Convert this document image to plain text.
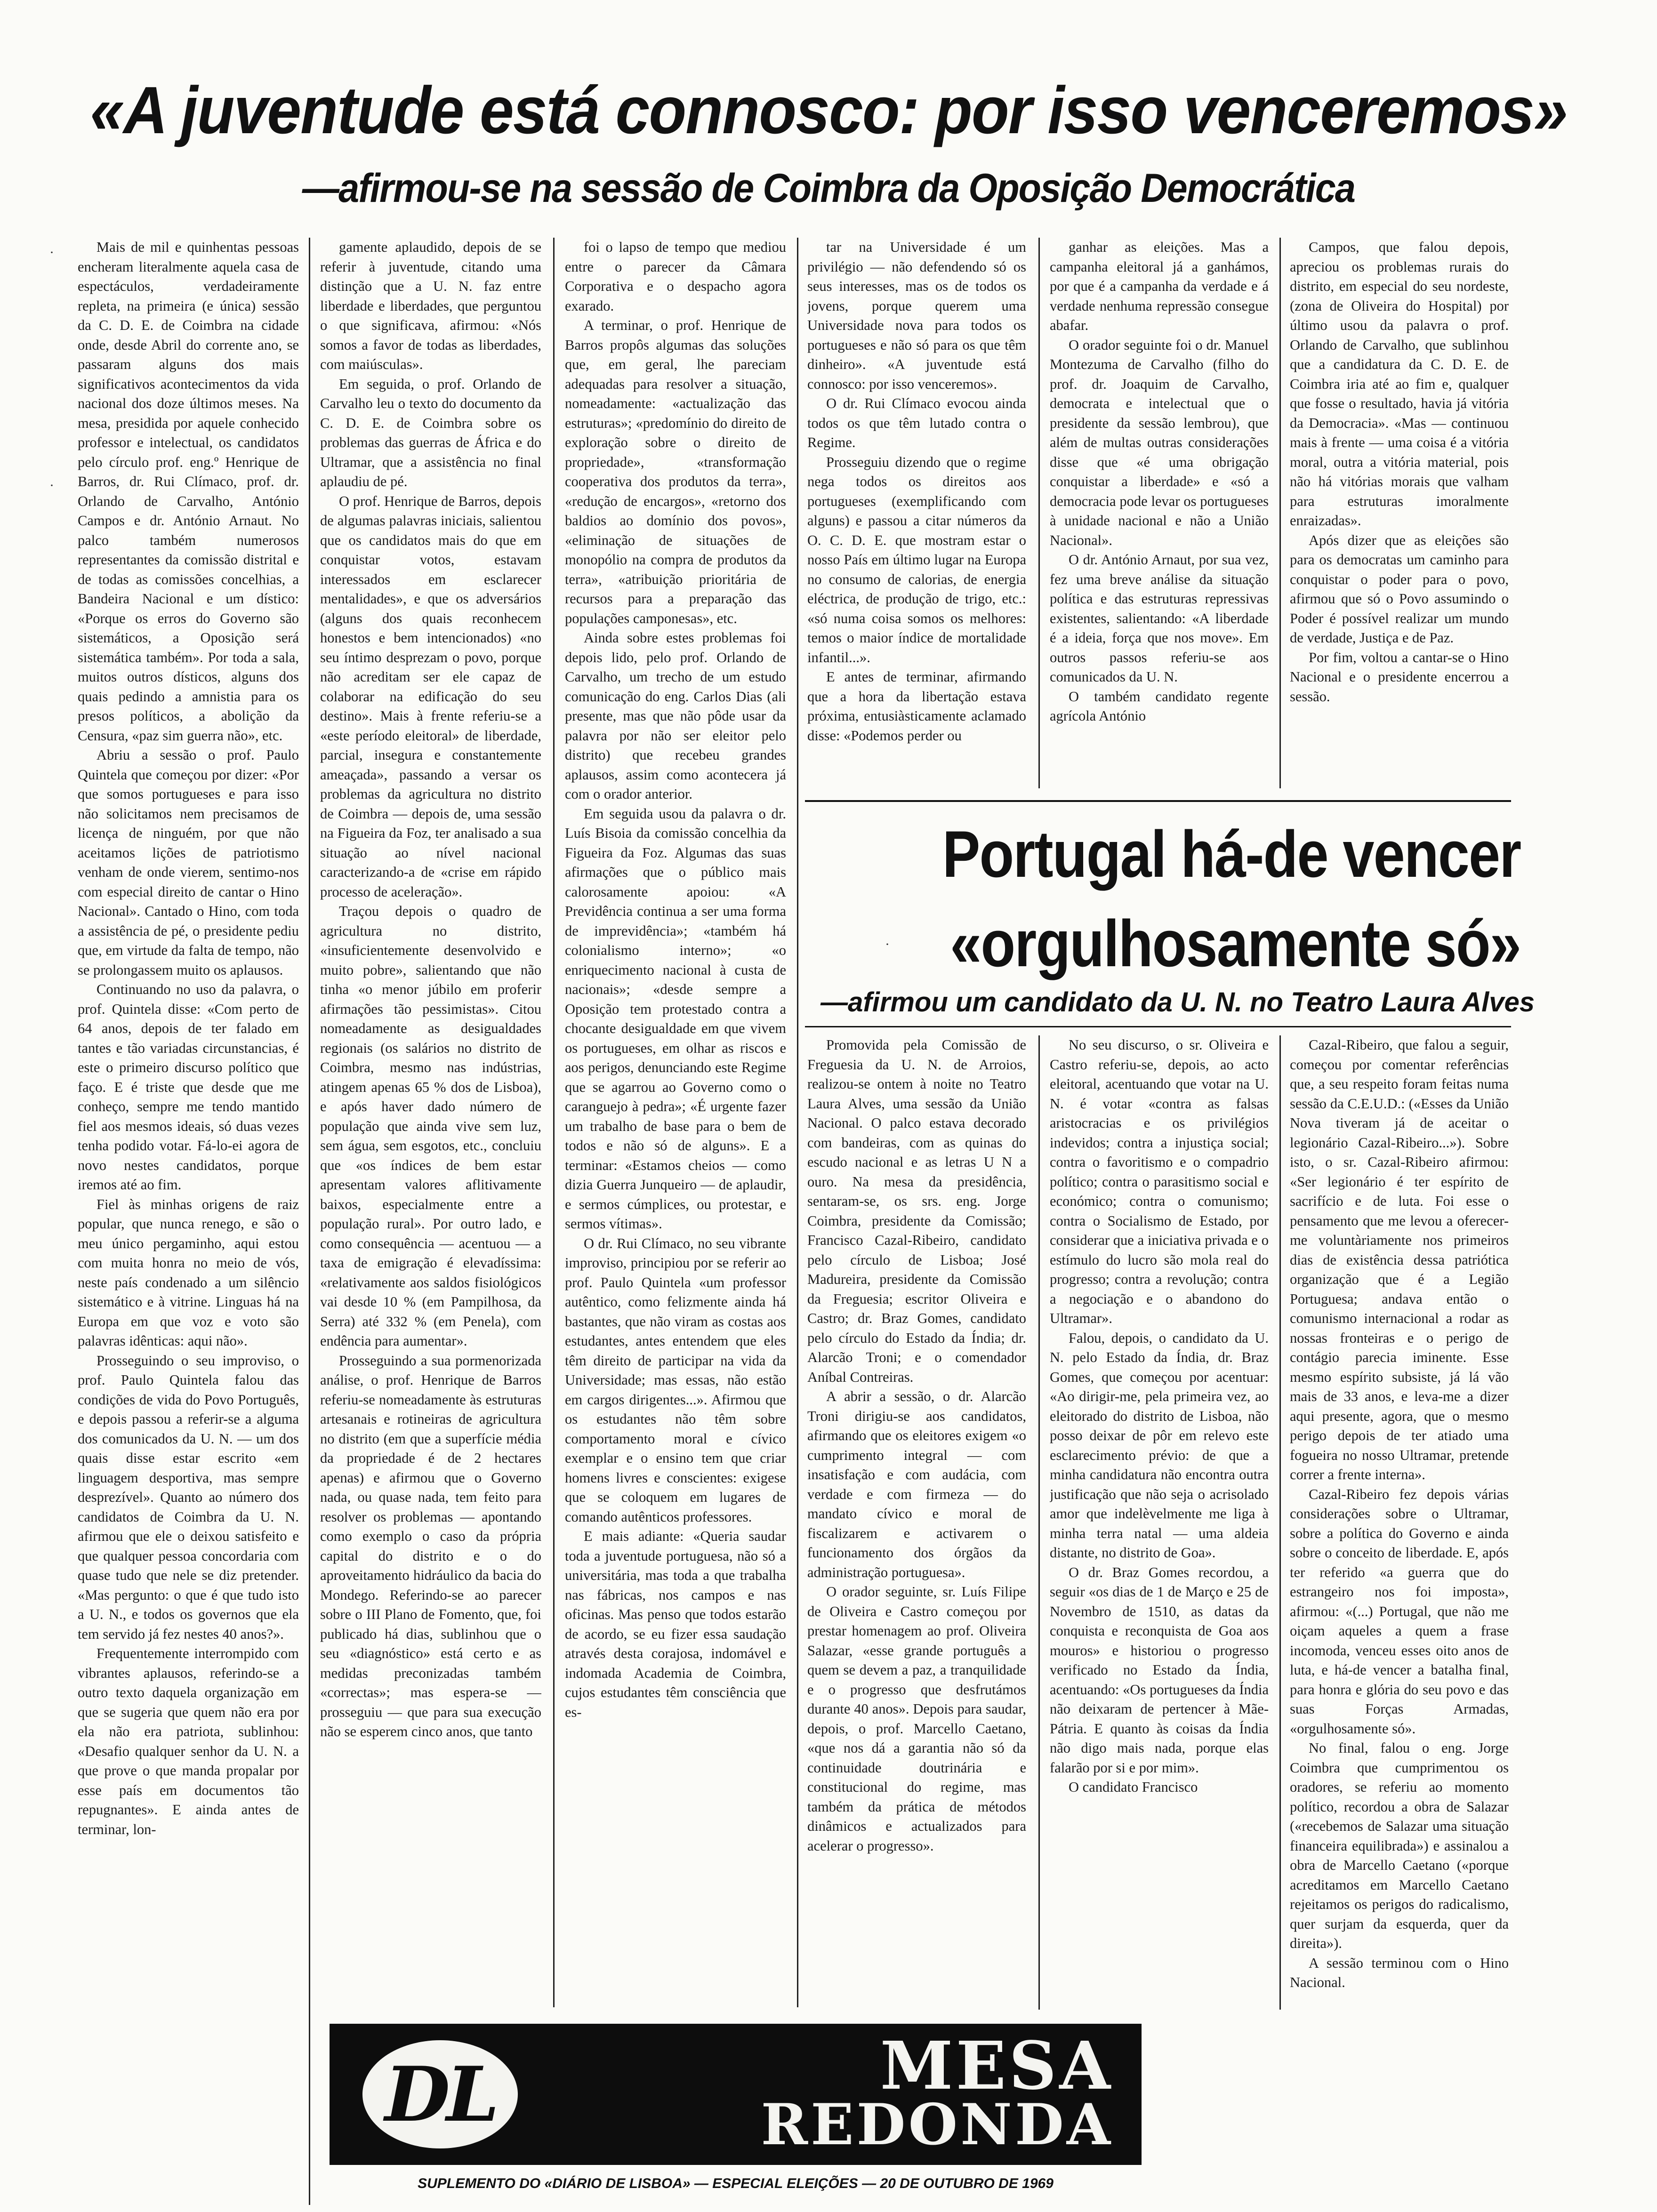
«A juventude está connosco: por isso venceremos»
—afirmou-se na sessão de Coimbra da Oposição Democrática

Mais de mil e quinhentas pessoas encheram literalmente aquela casa de espectáculos, verdadeiramente repleta, na primeira (e única) sessão da C. D. E. de Coimbra na cidade onde, desde Abril do corrente ano, se passaram alguns dos mais significativos acontecimentos da vida nacional dos doze últimos meses. Na mesa, presidida por aquele conhecido professor e intelectual, os candidatos pelo círculo prof. eng.º Henrique de Barros, dr. Rui Clímaco, prof. dr. Orlando de Carvalho, António Campos e dr. António Arnaut. No palco também numerosos representantes da comissão distrital e de todas as comissões concelhias, a Bandeira Nacional e um dístico: «Porque os erros do Governo são sistemáticos, a Oposição será sistemática também». Por toda a sala, muitos outros dísticos, alguns dos quais pedindo a amnistia para os presos políticos, a abolição da Censura, «paz sim guerra não», etc.

Abriu a sessão o prof. Paulo Quintela que começou por dizer: «Por que somos portugueses e para isso não solicitamos nem precisamos de licença de ninguém, por que não aceitamos lições de patriotismo venham de onde vierem, sentimo-nos com especial direito de cantar o Hino Nacional». Cantado o Hino, com toda a assistência de pé, o presidente pediu que, em virtude da falta de tempo, não se prolongassem muito os aplausos.

Continuando no uso da palavra, o prof. Quintela disse: «Com perto de 64 anos, depois de ter falado em tantes e tão variadas circunstancias, é este o primeiro discurso político que faço. E é triste que desde que me conheço, sempre me tendo mantido fiel aos mesmos ideais, só duas vezes tenha podido votar. Fá-lo-ei agora de novo nestes candidatos, porque iremos até ao fim.

Fiel às minhas origens de raiz popular, que nunca renego, e são o meu único pergaminho, aqui estou com muita honra no meio de vós, neste país condenado a um silêncio sistemático e à vitrine. Linguas há na Europa em que voz e voto são palavras idênticas: aqui não».

Prosseguindo o seu improviso, o prof. Paulo Quintela falou das condições de vida do Povo Português, e depois passou a referir-se a alguma dos comunicados da U. N. — um dos quais disse estar escrito «em linguagem desportiva, mas sempre desprezível». Quanto ao número dos candidatos de Coimbra da U. N. afirmou que ele o deixou satisfeito e que qualquer pessoa concordaria com quase tudo que nele se diz pretender. «Mas pergunto: o que é que tudo isto a U. N., e todos os governos que ela tem servido já fez nestes 40 anos?».

Frequentemente interrompido com vibrantes aplausos, referindo-se a outro texto daquela organização em que se sugeria que quem não era por ela não era patriota, sublinhou: «Desafio qualquer senhor da U. N. a que prove o que manda propalar por esse país em documentos tão repugnantes». E ainda antes de terminar, lon-

gamente aplaudido, depois de se referir à juventude, citando uma distinção que a U. N. faz entre liberdade e liberdades, que perguntou o que significava, afirmou: «Nós somos a favor de todas as liberdades, com maiúsculas».

Em seguida, o prof. Orlando de Carvalho leu o texto do documento da C. D. E. de Coimbra sobre os problemas das guerras de África e do Ultramar, que a assistência no final aplaudiu de pé.

O prof. Henrique de Barros, depois de algumas palavras iniciais, salientou que os candidatos mais do que em conquistar votos, estavam interessados em esclarecer mentalidades», e que os adversários (alguns dos quais reconhecem honestos e bem intencionados) «no seu íntimo desprezam o povo, porque não acreditam ser ele capaz de colaborar na edificação do seu destino». Mais à frente referiu-se a «este período eleitoral» de liberdade, parcial, insegura e constantemente ameaçada», passando a versar os problemas da agricultura no distrito de Coimbra — depois de, uma sessão na Figueira da Foz, ter analisado a sua situação ao nível nacional caracterizando-a de «crise em rápido processo de aceleração».

Traçou depois o quadro de agricultura no distrito, «insuficientemente desenvolvido e muito pobre», salientando que não tinha «o menor júbilo em proferir afirmações tão pessimistas». Citou nomeadamente as desigualdades regionais (os salários no distrito de Coimbra, mesmo nas indústrias, atingem apenas 65 % dos de Lisboa), e após haver dado número de população que ainda vive sem luz, sem água, sem esgotos, etc., concluiu que «os índices de bem estar apresentam valores aflitivamente baixos, especialmente entre a população rural». Por outro lado, e como consequência — acentuou — a taxa de emigração é elevadíssima: «relativamente aos saldos fisiológicos vai desde 10 % (em Pampilhosa, da Serra) até 332 % (em Penela), com endência para aumentar».

Prosseguindo a sua pormenorizada análise, o prof. Henrique de Barros referiu-se nomeadamente às estruturas artesanais e rotineiras de agricultura no distrito (em que a superfície média da propriedade é de 2 hectares apenas) e afirmou que o Governo nada, ou quase nada, tem feito para resolver os problemas — apontando como exemplo o caso da própria capital do distrito e o do aproveitamento hidráulico da bacia do Mondego. Referindo-se ao parecer sobre o III Plano de Fomento, que, foi publicado há dias, sublinhou que o seu «diagnóstico» está certo e as medidas preconizadas também «correctas»; mas espera-se — prosseguiu — que para sua execução não se esperem cinco anos, que tanto

foi o lapso de tempo que mediou entre o parecer da Câmara Corporativa e o despacho agora exarado.

A terminar, o prof. Henrique de Barros propôs algumas das soluções que, em geral, lhe pareciam adequadas para resolver a situação, nomeadamente: «actualização das estruturas»; «predomínio do direito de exploração sobre o direito de propriedade», «transformação cooperativa dos produtos da terra», «redução de encargos», «retorno dos baldios ao domínio dos povos», «eliminação de situações de monopólio na compra de produtos da terra», «atribuição prioritária de recursos para a preparação das populações camponesas», etc.

Ainda sobre estes problemas foi depois lido, pelo prof. Orlando de Carvalho, um trecho de um estudo comunicação do eng. Carlos Dias (ali presente, mas que não pôde usar da palavra por não ser eleitor pelo distrito) que recebeu grandes aplausos, assim como acontecera já com o orador anterior.

Em seguida usou da palavra o dr. Luís Bisoia da comissão concelhia da Figueira da Foz. Algumas das suas afirmações que o público mais calorosamente apoiou: «A Previdência continua a ser uma forma de imprevidência»; «também há colonialismo interno»; «o enriquecimento nacional à custa de nacionais»; «desde sempre a Oposição tem protestado contra a chocante desigualdade em que vivem os portugueses, em olhar as riscos e aos perigos, denunciando este Regime que se agarrou ao Governo como o caranguejo à pedra»; «É urgente fazer um trabalho de base para o bem de todos e não só de alguns». E a terminar: «Estamos cheios — como dizia Guerra Junqueiro — de aplaudir, e sermos cúmplices, ou protestar, e sermos vítimas».

O dr. Rui Clímaco, no seu vibrante improviso, principiou por se referir ao prof. Paulo Quintela «um professor autêntico, como felizmente ainda há bastantes, que não viram as costas aos estudantes, antes entendem que eles têm direito de participar na vida da Universidade; mas essas, não estão em cargos dirigentes...». Afirmou que os estudantes não têm sobre comportamento moral e cívico exemplar e o ensino tem que criar homens livres e conscientes: exigese que se coloquem em lugares de comando autênticos professores.

E mais adiante: «Queria saudar toda a juventude portuguesa, não só a universitária, mas toda a que trabalha nas fábricas, nos campos e nas oficinas. Mas penso que todos estarão de acordo, se eu fizer essa saudação através desta corajosa, indomável e indomada Academia de Coimbra, cujos estudantes têm consciência que es-

tar na Universidade é um privilégio — não defendendo só os seus interesses, mas os de todos os jovens, porque querem uma Universidade nova para todos os portugueses e não só para os que têm dinheiro». «A juventude está connosco: por isso venceremos».

O dr. Rui Clímaco evocou ainda todos os que têm lutado contra o Regime.

Prosseguiu dizendo que o regime nega todos os direitos aos portugueses (exemplificando com alguns) e passou a citar números da O. C. D. E. que mostram estar o nosso País em último lugar na Europa no consumo de calorias, de energia eléctrica, de produção de trigo, etc.: «só numa coisa somos os melhores: temos o maior índice de mortalidade infantil...».

E antes de terminar, afirmando que a hora da libertação estava próxima, entusiàsticamente aclamado disse: «Podemos perder ou

ganhar as eleições. Mas a campanha eleitoral já a ganhámos, por que é a campanha da verdade e á verdade nenhuma repressão consegue abafar.

O orador seguinte foi o dr. Manuel Montezuma de Carvalho (filho do prof. dr. Joaquim de Carvalho, democrata e intelectual que o presidente da sessão lembrou), que além de multas outras considerações disse que «é uma obrigação conquistar a liberdade» e «só a democracia pode levar os portugueses à unidade nacional e não a União Nacional».

O dr. António Arnaut, por sua vez, fez uma breve análise da situação política e das estruturas repressivas existentes, salientando: «A liberdade é a ideia, força que nos move». Em outros passos referiu-se aos comunicados da U. N.

O também candidato regente agrícola António

Campos, que falou depois, apreciou os problemas rurais do distrito, em especial do seu nordeste, (zona de Oliveira do Hospital) por último usou da palavra o prof. Orlando de Carvalho, que sublinhou que a candidatura da C. D. E. de Coimbra iria até ao fim e, qualquer que fosse o resultado, havia já vitória da Democracia». «Mas — continuou mais à frente — uma coisa é a vitória moral, outra a vitória material, pois não há vitórias morais que valham para estruturas imoralmente enraizadas».

Após dizer que as eleições são para os democratas um caminho para conquistar o poder para o povo, afirmou que só o Povo assumindo o Poder é possível realizar um mundo de verdade, Justiça e de Paz.

Por fim, voltou a cantar-se o Hino Nacional e o presidente encerrou a sessão.

Portugal há-de vencer
«orgulhosamente só»
—afirmou um candidato da U. N. no Teatro Laura Alves

Promovida pela Comissão de Freguesia da U. N. de Arroios, realizou-se ontem à noite no Teatro Laura Alves, uma sessão da União Nacional. O palco estava decorado com bandeiras, com as quinas do escudo nacional e as letras U N a ouro. Na mesa da presidência, sentaram-se, os srs. eng. Jorge Coimbra, presidente da Comissão; Francisco Cazal-Ribeiro, candidato pelo círculo de Lisboa; José Madureira, presidente da Comissão da Freguesia; escritor Oliveira e Castro; dr. Braz Gomes, candidato pelo círculo do Estado da Índia; dr. Alarcão Troni; e o comendador Aníbal Contreiras.

A abrir a sessão, o dr. Alarcão Troni dirigiu-se aos candidatos, afirmando que os eleitores exigem «o cumprimento integral — com insatisfação e com audácia, com verdade e com firmeza — do mandato cívico e moral de fiscalizarem e activarem o funcionamento dos órgãos da administração portuguesa».

O orador seguinte, sr. Luís Filipe de Oliveira e Castro começou por prestar homenagem ao prof. Oliveira Salazar, «esse grande português a quem se devem a paz, a tranquilidade e o progresso que desfrutámos durante 40 anos». Depois para saudar, depois, o prof. Marcello Caetano, «que nos dá a garantia não só da continuidade doutrinária e constitucional do regime, mas também da prática de métodos dinâmicos e actualizados para acelerar o progresso».

No seu discurso, o sr. Oliveira e Castro referiu-se, depois, ao acto eleitoral, acentuando que votar na U. N. é votar «contra as falsas aristocracias e os privilégios indevidos; contra a injustiça social; contra o favoritismo e o compadrio político; contra o parasitismo social e económico; contra o comunismo; contra o Socialismo de Estado, por considerar que a iniciativa privada e o estímulo do lucro são mola real do progresso; contra a revolução; contra a negociação e o abandono do Ultramar».

Falou, depois, o candidato da U. N. pelo Estado da Índia, dr. Braz Gomes, que começou por acentuar: «Ao dirigir-me, pela primeira vez, ao eleitorado do distrito de Lisboa, não posso deixar de pôr em relevo este esclarecimento prévio: de que a minha candidatura não encontra outra justificação que não seja o acrisolado amor que indelèvelmente me liga à minha terra natal — uma aldeia distante, no distrito de Goa».

O dr. Braz Gomes recordou, a seguir «os dias de 1 de Março e 25 de Novembro de 1510, as datas da conquista e reconquista de Goa aos mouros» e historiou o progresso verificado no Estado da Índia, acentuando: «Os portugueses da Índia não deixaram de pertencer à Mãe-Pátria. E quanto às coisas da Índia não digo mais nada, porque elas falarão por si e por mim».

O candidato Francisco

Cazal-Ribeiro, que falou a seguir, começou por comentar referências que, a seu respeito foram feitas numa sessão da C.E.U.D.: («Esses da União Nova tiveram já de aceitar o legionário Cazal-Ribeiro...»). Sobre isto, o sr. Cazal-Ribeiro afirmou: «Ser legionário é ter espírito de sacrifício e de luta. Foi esse o pensamento que me levou a oferecer-me voluntàriamente nos primeiros dias de existência dessa patriótica organização que é a Legião Portuguesa; andava então o comunismo internacional a rodar as nossas fronteiras e o perigo de contágio parecia iminente. Esse mesmo espírito subsiste, já lá vão mais de 33 anos, e leva-me a dizer aqui presente, agora, que o mesmo perigo depois de ter atiado uma fogueira no nosso Ultramar, pretende correr a frente interna».

Cazal-Ribeiro fez depois várias considerações sobre o Ultramar, sobre a política do Governo e ainda sobre o conceito de liberdade. E, após ter referido «a guerra que do estrangeiro nos foi imposta», afirmou: «(...) Portugal, que não me oiçam aqueles a quem a frase incomoda, venceu esses oito anos de luta, e há-de vencer a batalha final, para honra e glória do seu povo e das suas Forças Armadas, «orgulhosamente só».

No final, falou o eng. Jorge Coimbra que cumprimentou os oradores, se referiu ao momento político, recordou a obra de Salazar («recebemos de Salazar uma situação financeira equilibrada») e assinalou a obra de Marcello Caetano («porque acreditamos em Marcello Caetano rejeitamos os perigos do radicalismo, quer surjam da esquerda, quer da direita»).

A sessão terminou com o Hino Nacional.

DL	MESA
REDONDA
SUPLEMENTO DO «DIÁRIO DE LISBOA» — ESPECIAL ELEIÇÕES — 20 DE OUTUBRO DE 1969
·
·
·
